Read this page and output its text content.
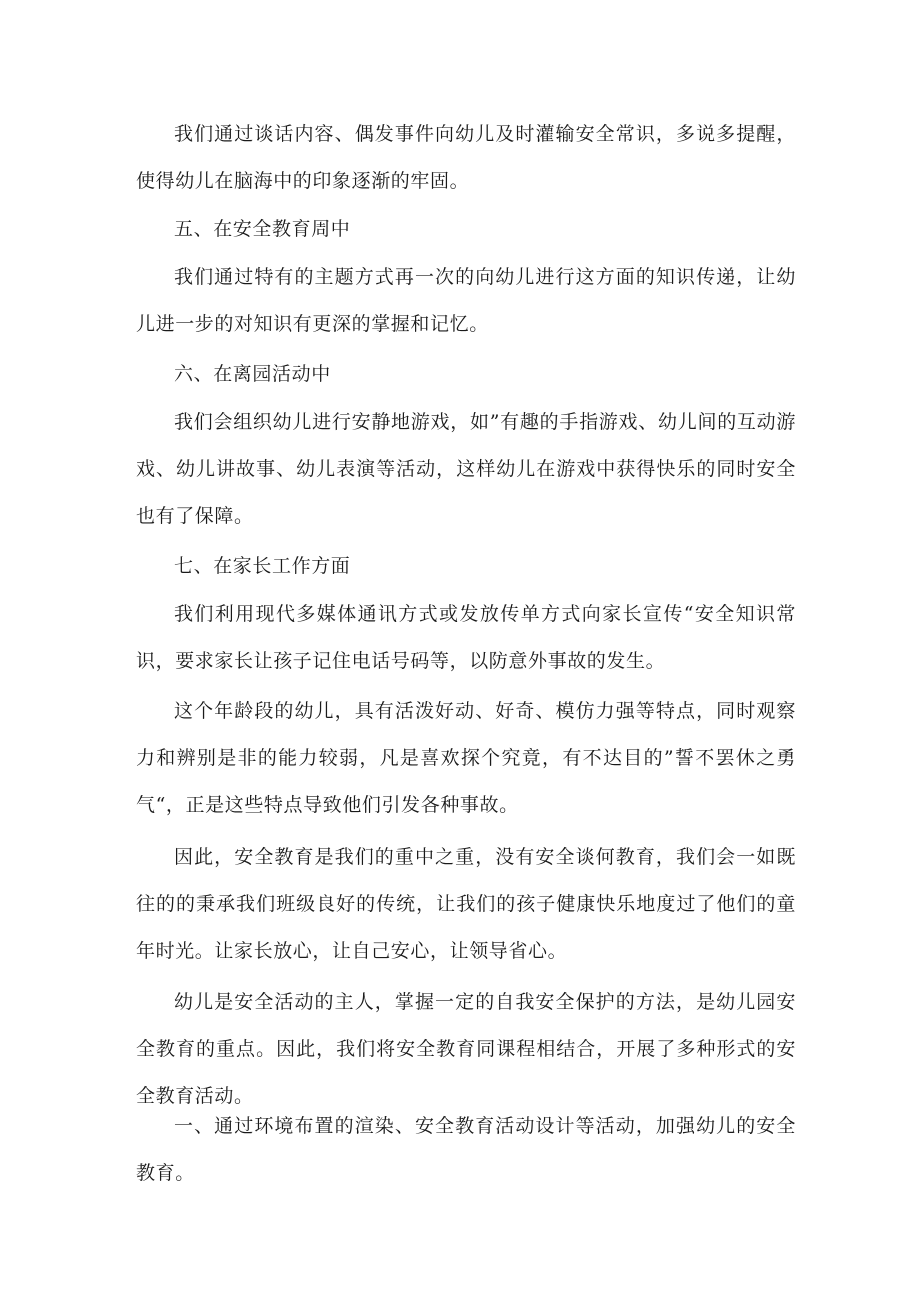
我们通过谈话内容、偶发事件向幼儿及时灌输安全常识，多说多提醒，使得幼儿在脑海中的印象逐渐的牢固。

五、在安全教育周中

我们通过特有的主题方式再一次的向幼儿进行这方面的知识传递，让幼儿进一步的对知识有更深的掌握和记忆。

六、在离园活动中

我们会组织幼儿进行安静地游戏，如”有趣的手指游戏、幼儿间的互动游戏、幼儿讲故事、幼儿表演等活动，这样幼儿在游戏中获得快乐的同时安全也有了保障。

七、在家长工作方面

我们利用现代多媒体通讯方式或发放传单方式向家长宣传“安全知识常识，要求家长让孩子记住电话号码等，以防意外事故的发生。

这个年龄段的幼儿，具有活泼好动、好奇、模仿力强等特点，同时观察力和辨别是非的能力较弱，凡是喜欢探个究竟，有不达目的”誓不罢休之勇气“，正是这些特点导致他们引发各种事故。

因此，安全教育是我们的重中之重，没有安全谈何教育，我们会一如既往的的秉承我们班级良好的传统，让我们的孩子健康快乐地度过了他们的童年时光。让家长放心，让自己安心，让领导省心。

幼儿是安全活动的主人，掌握一定的自我安全保护的方法，是幼儿园安全教育的重点。因此，我们将安全教育同课程相结合，开展了多种形式的安全教育活动。

一、通过环境布置的渲染、安全教育活动设计等活动，加强幼儿的安全教育。
